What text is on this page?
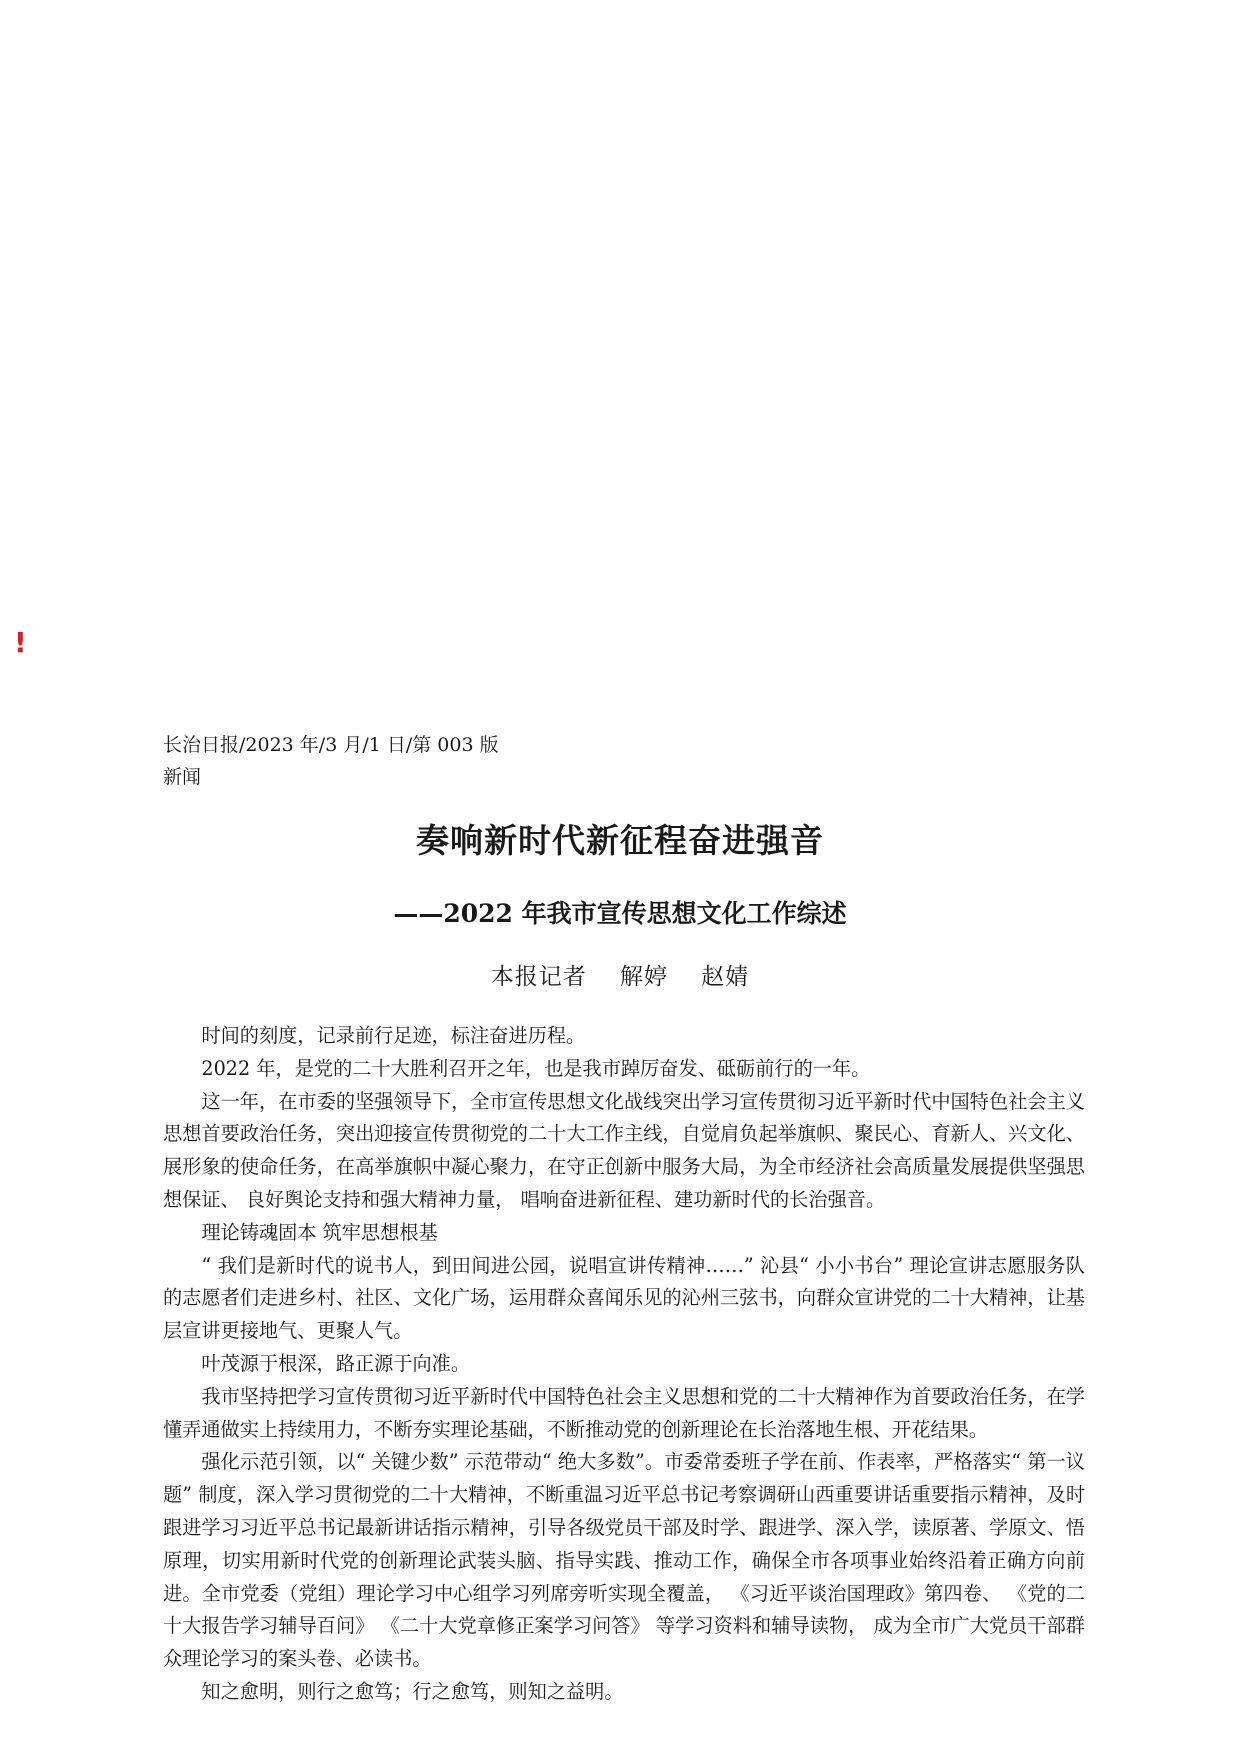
!
长治日报/2023 年/3 月/1 日/第 003 版新闻
奏响新时代新征程奋进强音
——2022 年我市宣传思想文化工作综述
本报记者    解婷    赵婧

时间的刻度，记录前行足迹，标注奋进历程。

2022 年，是党的二十大胜利召开之年，也是我市踔厉奋发、砥砺前行的一年。

这一年，在市委的坚强领导下，全市宣传思想文化战线突出学习宣传贯彻习近平新时代中国特色社会主义思想首要政治任务，突出迎接宣传贯彻党的二十大工作主线，自觉肩负起举旗帜、聚民心、育新人、兴文化、展形象的使命任务，在高举旗帜中凝心聚力，在守正创新中服务大局，为全市经济社会高质量发展提供坚强思想保证、 良好舆论支持和强大精神力量， 唱响奋进新征程、建功新时代的长治强音。

理论铸魂固本 筑牢思想根基

“ 我们是新时代的说书人，到田间进公园，说唱宣讲传精神……” 沁县“ 小小书台” 理论宣讲志愿服务队的志愿者们走进乡村、社区、文化广场，运用群众喜闻乐见的沁州三弦书，向群众宣讲党的二十大精神，让基层宣讲更接地气、更聚人气。

叶茂源于根深，路正源于向准。

我市坚持把学习宣传贯彻习近平新时代中国特色社会主义思想和党的二十大精神作为首要政治任务，在学懂弄通做实上持续用力，不断夯实理论基础，不断推动党的创新理论在长治落地生根、开花结果。

强化示范引领，以“ 关键少数” 示范带动“ 绝大多数”。市委常委班子学在前、作表率，严格落实“ 第一议题” 制度，深入学习贯彻党的二十大精神，不断重温习近平总书记考察调研山西重要讲话重要指示精神，及时跟进学习习近平总书记最新讲话指示精神，引导各级党员干部及时学、跟进学、深入学，读原著、学原文、悟原理，切实用新时代党的创新理论武装头脑、指导实践、推动工作，确保全市各项事业始终沿着正确方向前进。全市党委（党组）理论学习中心组学习列席旁听实现全覆盖， 《习近平谈治国理政》第四卷、 《党的二十大报告学习辅导百问》 《二十大党章修正案学习问答》 等学习资料和辅导读物， 成为全市广大党员干部群众理论学习的案头卷、必读书。

知之愈明，则行之愈笃；行之愈笃，则知之益明。
